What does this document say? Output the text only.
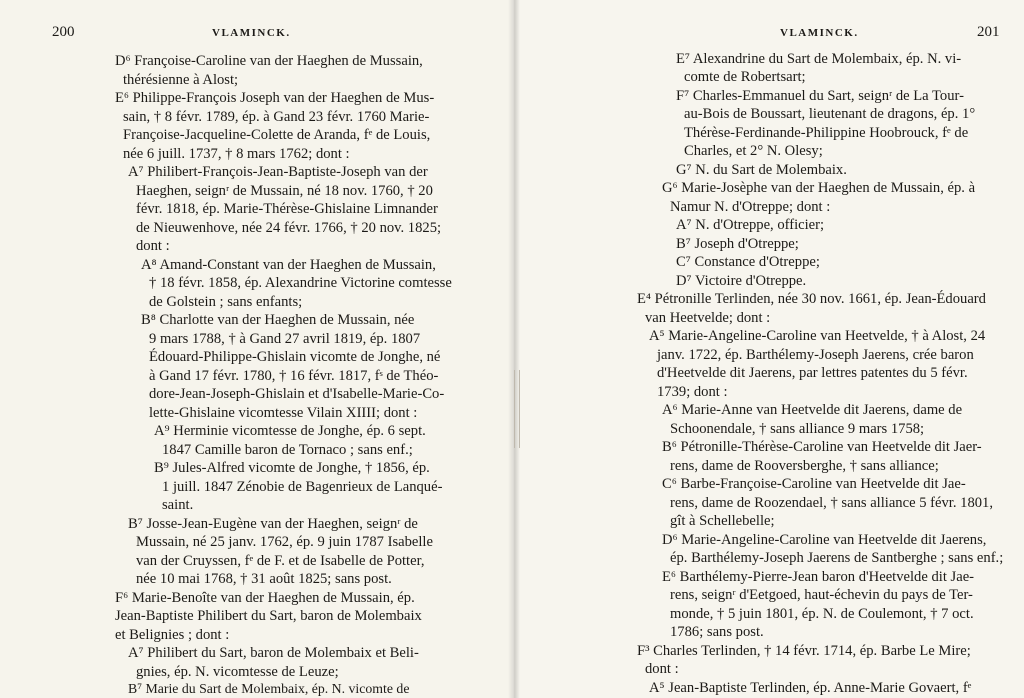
200	VLAMINCK.
D⁶ Françoise-Caroline van der Haeghen de Mussain,
thérésienne à Alost;
E⁶ Philippe-François Joseph van der Haeghen de Mus-
sain, † 8 févr. 1789, ép. à Gand 23 févr. 1760 Marie-
Françoise-Jacqueline-Colette de Aranda, fᵉ de Louis,
née 6 juill. 1737, † 8 mars 1762; dont :
A⁷ Philibert-François-Jean-Baptiste-Joseph van der
Haeghen, seignʳ de Mussain, né 18 nov. 1760, † 20
févr. 1818, ép. Marie-Thérèse-Ghislaine Limnander
de Nieuwenhove, née 24 févr. 1766, † 20 nov. 1825;
dont :
A⁸ Amand-Constant van der Haeghen de Mussain,
† 18 févr. 1858, ép. Alexandrine Victorine comtesse
de Golstein ; sans enfants;
B⁸ Charlotte van der Haeghen de Mussain, née
9 mars 1788, † à Gand 27 avril 1819, ép. 1807
Édouard-Philippe-Ghislain vicomte de Jonghe, né
à Gand 17 févr. 1780, † 16 févr. 1817, fˢ de Théo-
dore-Jean-Joseph-Ghislain et d'Isabelle-Marie-Co-
lette-Ghislaine vicomtesse Vilain XIIII; dont :
A⁹ Herminie vicomtesse de Jonghe, ép. 6 sept.
1847 Camille baron de Tornaco ; sans enf.;
B⁹ Jules-Alfred vicomte de Jonghe, † 1856, ép.
1 juill. 1847 Zénobie de Bagenrieux de Lanqué-
saint.
B⁷ Josse-Jean-Eugène van der Haeghen, seignʳ de
Mussain, né 25 janv. 1762, ép. 9 juin 1787 Isabelle
van der Cruyssen, fᵉ de F. et de Isabelle de Potter,
née 10 mai 1768, † 31 août 1825; sans post.
F⁶ Marie-Benoîte van der Haeghen de Mussain, ép.
Jean-Baptiste Philibert du Sart, baron de Molembaix
et Belignies ; dont :
A⁷ Philibert du Sart, baron de Molembaix et Beli-
gnies, ép. N. vicomtesse de Leuze;
B⁷ Marie du Sart de Molembaix, ép. N. vicomte de
VLAMINCK.	201
E⁷ Alexandrine du Sart de Molembaix, ép. N. vi-
comte de Robertsart;
F⁷ Charles-Emmanuel du Sart, seignʳ de La Tour-
au-Bois de Boussart, lieutenant de dragons, ép. 1°
Thérèse-Ferdinande-Philippine Hoobrouck, fᵉ de
Charles, et 2° N. Olesy;
G⁷ N. du Sart de Molembaix.
G⁶ Marie-Josèphe van der Haeghen de Mussain, ép. à
Namur N. d'Otreppe; dont :
A⁷ N. d'Otreppe, officier;
B⁷ Joseph d'Otreppe;
C⁷ Constance d'Otreppe;
D⁷ Victoire d'Otreppe.
E⁴ Pétronille Terlinden, née 30 nov. 1661, ép. Jean-Édouard
van Heetvelde; dont :
A⁵ Marie-Angeline-Caroline van Heetvelde, † à Alost, 24
janv. 1722, ép. Barthélemy-Joseph Jaerens, crée baron
d'Heetvelde dit Jaerens, par lettres patentes du 5 févr.
1739; dont :
A⁶ Marie-Anne van Heetvelde dit Jaerens, dame de
Schoonendale, † sans alliance 9 mars 1758;
B⁶ Pétronille-Thérèse-Caroline van Heetvelde dit Jaer-
rens, dame de Rooversberghe, † sans alliance;
C⁶ Barbe-Françoise-Caroline van Heetvelde dit Jae-
rens, dame de Roozendael, † sans alliance 5 févr. 1801,
gît à Schellebelle;
D⁶ Marie-Angeline-Caroline van Heetvelde dit Jaerens,
ép. Barthélemy-Joseph Jaerens de Santberghe ; sans enf.;
E⁶ Barthélemy-Pierre-Jean baron d'Heetvelde dit Jae-
rens, seignʳ d'Eetgoed, haut-échevin du pays de Ter-
monde, † 5 juin 1801, ép. N. de Coulemont, † 7 oct.
1786; sans post.
F³ Charles Terlinden, † 14 févr. 1714, ép. Barbe Le Mire;
dont :
A⁵ Jean-Baptiste Terlinden, ép. Anne-Marie Govaert, fᵉ
